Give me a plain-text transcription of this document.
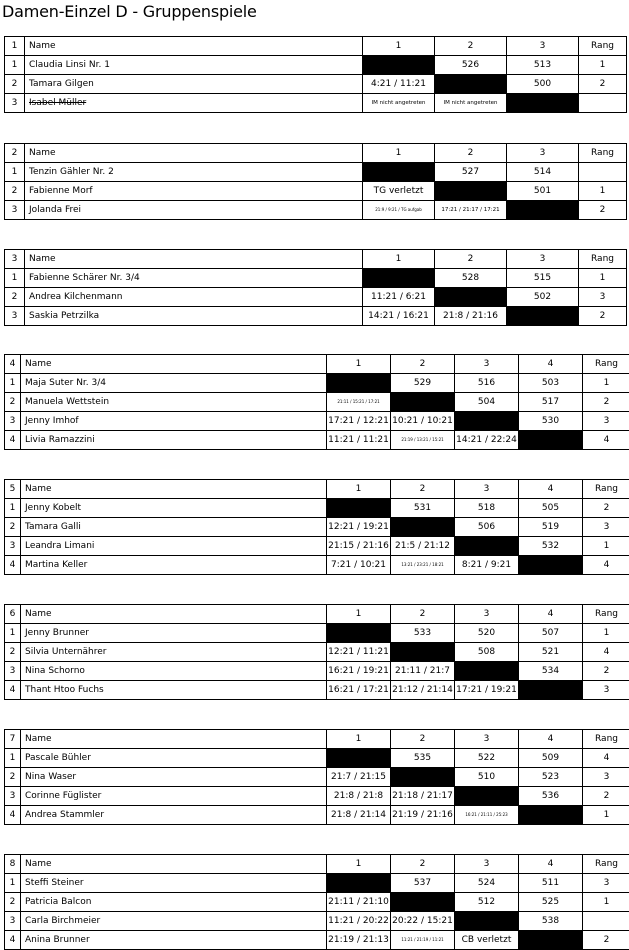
Damen-Einzel D - Gruppenspiele
1	Name	1	2	3	Rang
1	Claudia Linsi Nr. 1		526	513	1
2	Tamara Gilgen	4:21 / 11:21		500	2
3	Isabel Müller	IM nicht angetreten	IM nicht angetreten		
2	Name	1	2	3	Rang
1	Tenzin Gähler Nr. 2		527	514	
2	Fabienne Morf	TG verletzt		501	1
3	Jolanda Frei	21:9 / 9:21 / TG aufgab	17:21 / 21:17 / 17:21		2
3	Name	1	2	3	Rang
1	Fabienne Schärer Nr. 3/4		528	515	1
2	Andrea Kilchenmann	11:21 / 6:21		502	3
3	Saskia Petrzilka	14:21 / 16:21	21:8 / 21:16		2
4	Name	1	2	3	4	Rang
1	Maja Suter Nr. 3/4		529	516	503	1
2	Manuela Wettstein	21:11 / 15:21 / 17:21		504	517	2
3	Jenny Imhof	17:21 / 12:21	10:21 / 10:21		530	3
4	Livia Ramazzini	11:21 / 11:21	21:19 / 13:21 / 15:21	14:21 / 22:24		4
5	Name	1	2	3	4	Rang
1	Jenny Kobelt		531	518	505	2
2	Tamara Galli	12:21 / 19:21		506	519	3
3	Leandra Limani	21:15 / 21:16	21:5 / 21:12		532	1
4	Martina Keller	7:21 / 10:21	13:21 / 23:21 / 18:21	8:21 / 9:21		4
6	Name	1	2	3	4	Rang
1	Jenny Brunner		533	520	507	1
2	Silvia Unternährer	12:21 / 11:21		508	521	4
3	Nina Schorno	16:21 / 19:21	21:11 / 21:7		534	2
4	Thant Htoo Fuchs	16:21 / 17:21	21:12 / 21:14	17:21 / 19:21		3
7	Name	1	2	3	4	Rang
1	Pascale Bühler		535	522	509	4
2	Nina Waser	21:7 / 21:15		510	523	3
3	Corinne Füglister	21:8 / 21:8	21:18 / 21:17		536	2
4	Andrea Stammler	21:8 / 21:14	21:19 / 21:16	16:21 / 21:11 / 25:23		1
8	Name	1	2	3	4	Rang
1	Steffi Steiner		537	524	511	3
2	Patricia Balcon	21:11 / 21:10		512	525	1
3	Carla Birchmeier	11:21 / 20:22	20:22 / 15:21		538	
4	Anina Brunner	21:19 / 21:13	11:21 / 21:19 / 11:21	CB verletzt		2
